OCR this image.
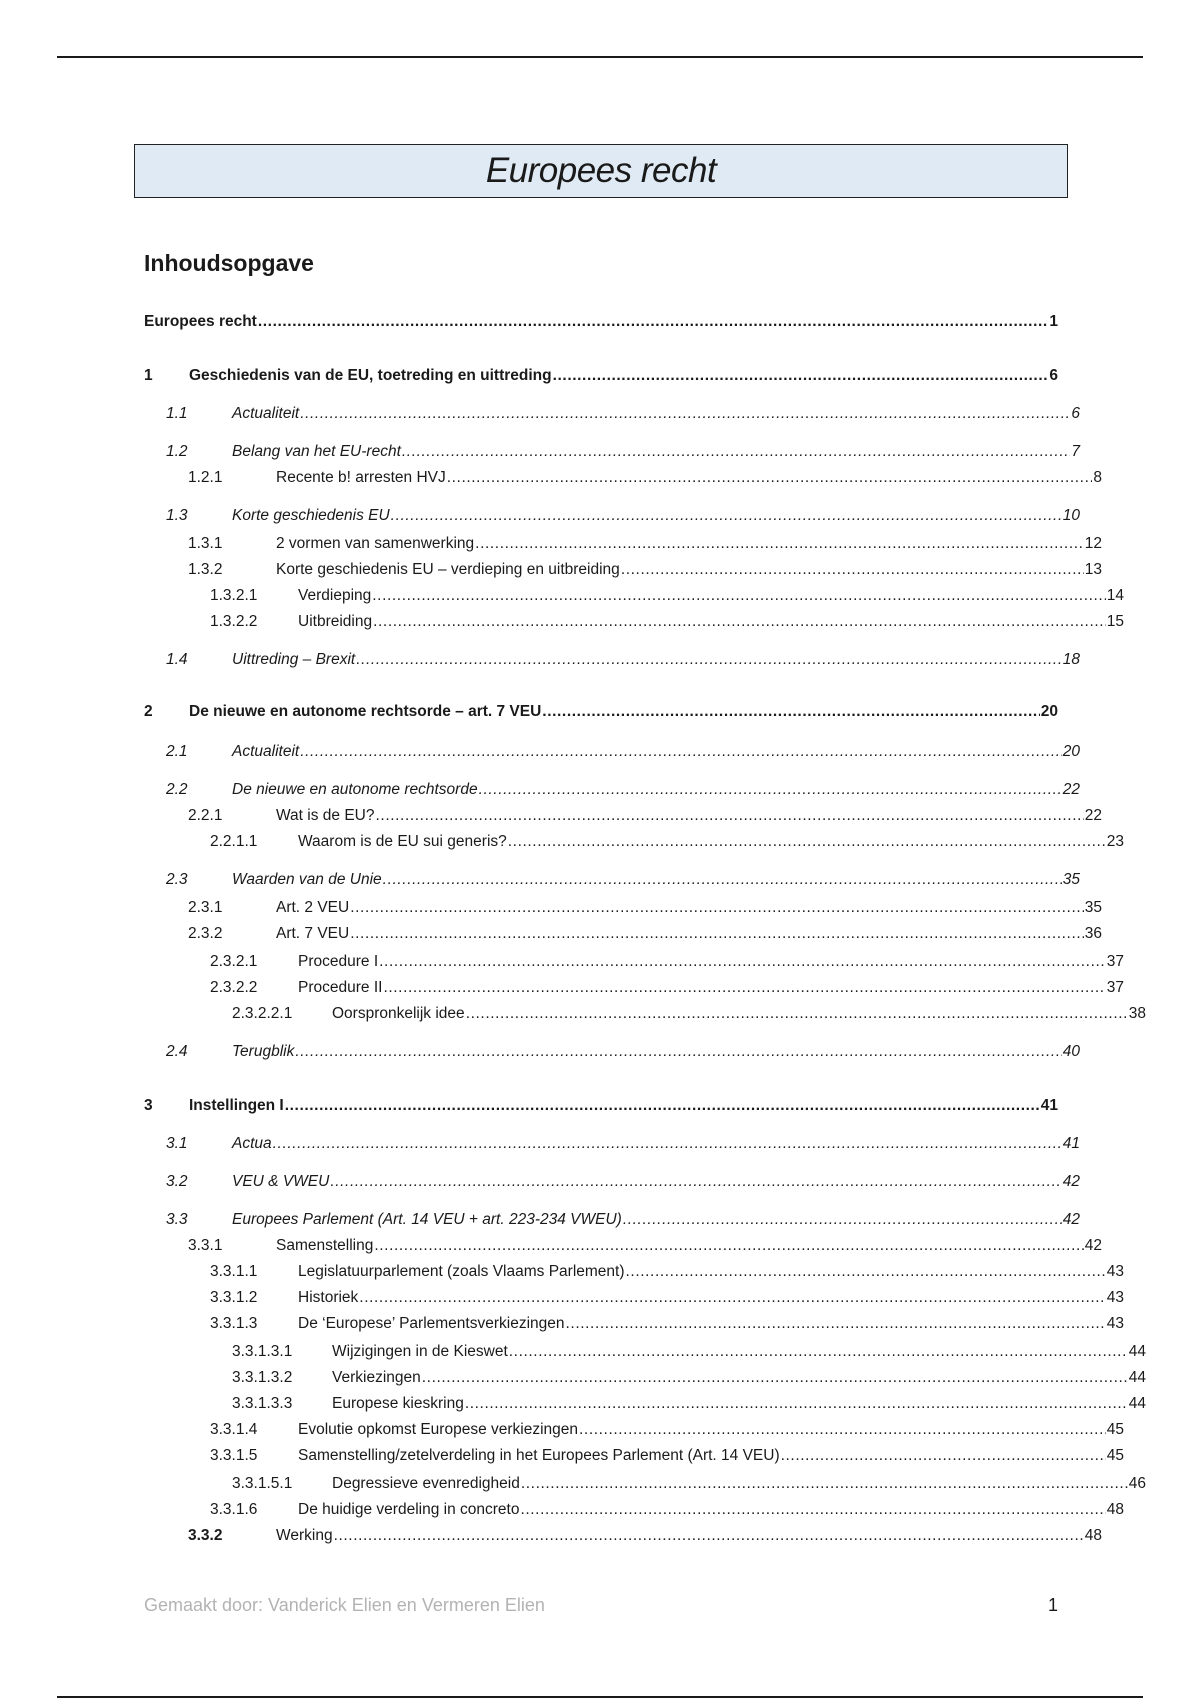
Europees recht
Inhoudsopgave
Europees recht .....	1
1	Geschiedenis van de EU, toetreding en uittreding .....	6
1.1	Actualiteit .....	6
1.2	Belang van het EU-recht .....	7
1.2.1	Recente b! arresten HVJ .....	8
1.3	Korte geschiedenis EU .....	10
1.3.1	2 vormen van samenwerking .....	12
1.3.2	Korte geschiedenis EU – verdieping en uitbreiding .....	13
1.3.2.1	Verdieping .....	14
1.3.2.2	Uitbreiding .....	15
1.4	Uittreding – Brexit .....	18
2	De nieuwe en autonome rechtsorde – art. 7 VEU .....	20
2.1	Actualiteit .....	20
2.2	De nieuwe en autonome rechtsorde .....	22
2.2.1	Wat is de EU? .....	22
2.2.1.1	Waarom is de EU sui generis? .....	23
2.3	Waarden van de Unie .....	35
2.3.1	Art. 2 VEU .....	35
2.3.2	Art. 7 VEU .....	36
2.3.2.1	Procedure I .....	37
2.3.2.2	Procedure II .....	37
2.3.2.2.1	Oorspronkelijk idee .....	38
2.4	Terugblik .....	40
3	Instellingen I .....	41
3.1	Actua .....	41
3.2	VEU & VWEU .....	42
3.3	Europees Parlement (Art. 14 VEU + art. 223-234 VWEU) .....	42
3.3.1	Samenstelling .....	42
3.3.1.1	Legislatuurparlement (zoals Vlaams Parlement) .....	43
3.3.1.2	Historiek .....	43
3.3.1.3	De ‘Europese’ Parlementsverkiezingen .....	43
3.3.1.3.1	Wijzigingen in de Kieswet .....	44
3.3.1.3.2	Verkiezingen .....	44
3.3.1.3.3	Europese kieskring .....	44
3.3.1.4	Evolutie opkomst Europese verkiezingen .....	45
3.3.1.5	Samenstelling/zetelverdeling in het Europees Parlement (Art. 14 VEU) .....	45
3.3.1.5.1	Degressieve evenredigheid .....	46
3.3.1.6	De huidige verdeling in concreto .....	48
3.3.2	Werking .....	48
Gemaakt door: Vanderick Elien en Vermeren Elien	1
